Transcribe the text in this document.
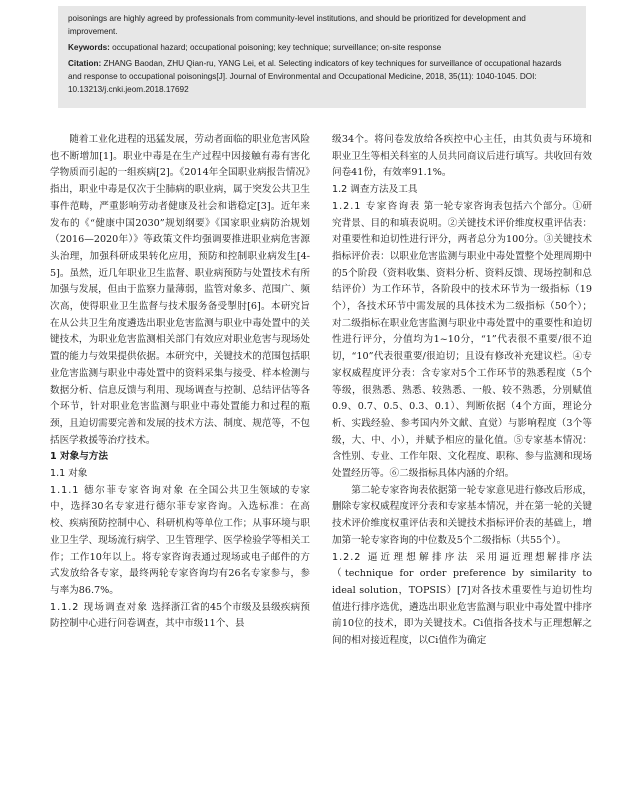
poisonings are highly agreed by professionals from community-level institutions, and should be prioritized for development and improvement.

Keywords: occupational hazard; occupational poisoning; key technique; surveillance; on-site response

Citation: ZHANG Baodan, ZHU Qian-ru, YANG Lei, et al. Selecting indicators of key techniques for surveillance of occupational hazards and response to occupational poisonings[J]. Journal of Environmental and Occupational Medicine, 2018, 35(11): 1040-1045. DOI: 10.13213/j.cnki.jeom.2018.17692

随着工业化进程的迅猛发展，劳动者面临的职业危害风险也不断增加[1]。职业中毒是在生产过程中因接触有毒有害化学物质而引起的一组疾病[2]。《2014年全国职业病报告情况》指出，职业中毒是仅次于尘肺病的职业病，属于突发公共卫生事件范畴，严重影响劳动者健康及社会和谐稳定[3]。近年来发布的《“健康中国2030”规划纲要》《国家职业病防治规划（2016—2020年）》等政策文件均强调要推进职业病危害源头治理，加强科研成果转化应用，预防和控制职业病发生[4-5]。虽然，近几年职业卫生监督、职业病预防与处置技术有所加强与发展，但由于监察力量薄弱，监管对象多、范围广、频次高，使得职业卫生监督与技术服务备受掣肘[6]。本研究旨在从公共卫生角度遴选出职业危害监测与职业中毒处置中的关键技术，为职业危害监测相关部门有效应对职业危害与现场处置的能力与效果提供依据。本研究中，关键技术的范围包括职业危害监测与职业中毒处置中的资料采集与接受、样本检测与数据分析、信息反馈与利用、现场调查与控制、总结评估等各个环节，针对职业危害监测与职业中毒处置能力和过程的瓶颈，且迫切需要完善和发展的技术方法、制度、规范等，不包括医学救援等治疗技术。

1 对象与方法

1.1 对象

1.1.1 德尔菲专家咨询对象 在全国公共卫生领域的专家中，选择30名专家进行德尔菲专家咨询。入选标准：在高校、疾病预防控制中心、科研机构等单位工作；从事环境与职业卫生学、现场流行病学、卫生管理学、医学检验学等相关工作；工作10年以上。将专家咨询表通过现场或电子邮件的方式发放给各专家，最终两轮专家咨询均有26名专家参与，参与率为86.7%。

1.1.2 现场调查对象 选择浙江省的45个市级及县级疾病预防控制中心进行问卷调查，其中市级11个、县

级34个。将问卷发放给各疾控中心主任，由其负责与环境和职业卫生等相关科室的人员共同商议后进行填写。共收回有效问卷41份，有效率91.1%。

1.2 调查方法及工具

1.2.1 专家咨询表 第一轮专家咨询表包括六个部分。①研究背景、目的和填表说明。②关键技术评价维度权重评估表：对重要性和迫切性进行评分，两者总分为100分。③关键技术指标评价表：以职业危害监测与职业中毒处置整个处理周期中的5个阶段（资料收集、资料分析、资料反馈、现场控制和总结评价）为工作环节，各阶段中的技术环节为一级指标（19个），各技术环节中需发展的具体技术为二级指标（50个）；对二级指标在职业危害监测与职业中毒处置中的重要性和迫切性进行评分，分值均为1~10分，“1”代表很不重要/很不迫切，“10”代表很重要/很迫切；且设有修改补充建议栏。④专家权威程度评分表：含专家对5个工作环节的熟悉程度（5个等级，很熟悉、熟悉、较熟悉、一般、较不熟悉，分别赋值0.9、0.7、0.5、0.3、0.1）、判断依据（4个方面，理论分析、实践经验、参考国内外文献、直觉）与影响程度（3个等级，大、中、小），并赋予相应的量化值。⑤专家基本情况：含性别、专业、工作年限、文化程度、职称、参与监测和现场处置经历等。⑥二级指标具体内涵的介绍。

第二轮专家咨询表依据第一轮专家意见进行修改后形成，删除专家权威程度评分表和专家基本情况，并在第一轮的关键技术评价维度权重评估表和关键技术指标评价表的基础上，增加第一轮专家咨询的中位数及5个二级指标（共55个）。

1.2.2 逼近理想解排序法 采用逼近理想解排序法（technique for order preference by similarity to ideal solution，TOPSIS）[7]对各技术重要性与迫切性均值进行排序选优，遴选出职业危害监测与职业中毒处置中排序前10位的技术，即为关键技术。Ci值指各技术与正理想解之间的相对接近程度，以Ci值作为确定
